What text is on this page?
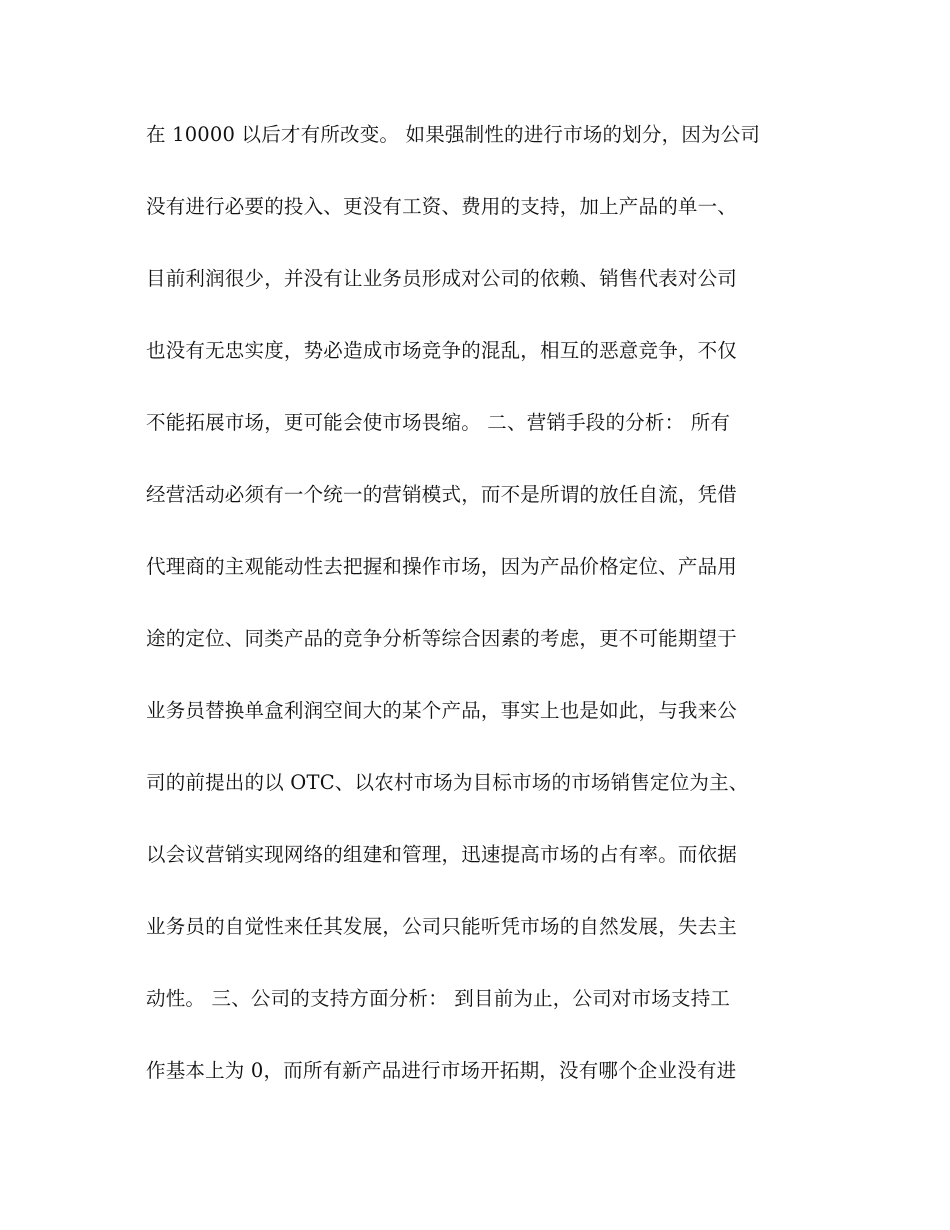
在 10000 以后才有所改变。 如果强制性的进行市场的划分，因为公司
没有进行必要的投入、更没有工资、费用的支持，加上产品的单一、
目前利润很少，并没有让业务员形成对公司的依赖、销售代表对公司
也没有无忠实度，势必造成市场竞争的混乱，相互的恶意竞争，不仅
不能拓展市场，更可能会使市场畏缩。 二、营销手段的分析： 所有
经营活动必须有一个统一的营销模式，而不是所谓的放任自流，凭借
代理商的主观能动性去把握和操作市场，因为产品价格定位、产品用
途的定位、同类产品的竞争分析等综合因素的考虑，更不可能期望于
业务员替换单盒利润空间大的某个产品，事实上也是如此，与我来公
司的前提出的以 OTC、以农村市场为目标市场的市场销售定位为主、
以会议营销实现网络的组建和管理，迅速提高市场的占有率。而依据
业务员的自觉性来任其发展，公司只能听凭市场的自然发展，失去主
动性。 三、公司的支持方面分析： 到目前为止，公司对市场支持工
作基本上为 0，而所有新产品进行市场开拓期，没有哪个企业没有进
